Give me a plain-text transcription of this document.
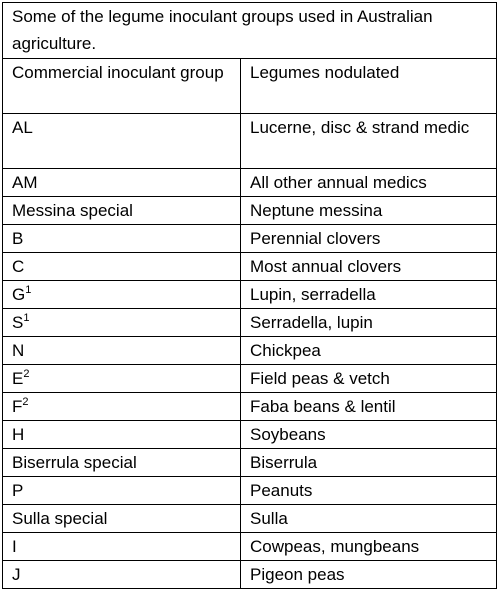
Some of the legume inoculant groups used in Australian agriculture.	
Commercial inoculant group	Legumes nodulated
AL	Lucerne, disc & strand medic
AM	All other annual medics
Messina special	Neptune messina
B	Perennial clovers
C	Most annual clovers
$G^1$	Lupin, serradella
$S^1$	Serradella, lupin
N	Chickpea
$E^2$	Field peas & vetch
$F^2$	Faba beans & lentil
H	Soybeans
Biserrula special	Biserrula
P	Peanuts
Sulla special	Sulla
I	Cowpeas, mungbeans
J	Pigeon peas
